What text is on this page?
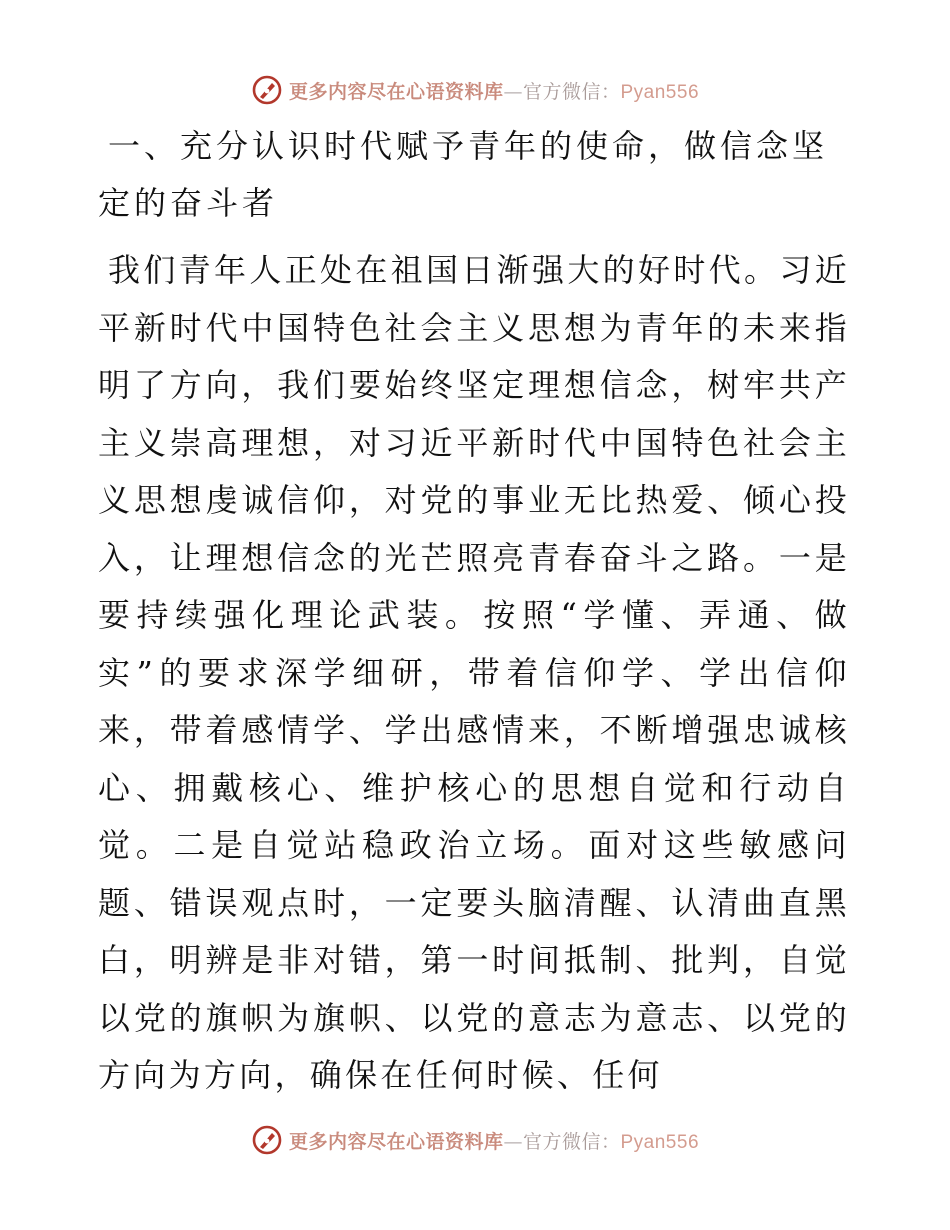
更多内容尽在心语资料库—官方微信：Pyan556
一、充分认识时代赋予青年的使命，做信念坚定的奋斗者

我们青年人正处在祖国日渐强大的好时代。习近平新时代中国特色社会主义思想为青年的未来指明了方向，我们要始终坚定理想信念，树牢共产主义崇高理想，对习近平新时代中国特色社会主义思想虔诚信仰，对党的事业无比热爱、倾心投入，让理想信念的光芒照亮青春奋斗之路。一是要持续强化理论武装。按照“学懂、弄通、做实”的要求深学细研，带着信仰学、学出信仰来，带着感情学、学出感情来，不断增强忠诚核心、拥戴核心、维护核心的思想自觉和行动自觉。二是自觉站稳政治立场。面对这些敏感问题、错误观点时，一定要头脑清醒、认清曲直黑白，明辨是非对错，第一时间抵制、批判，自觉以党的旗帜为旗帜、以党的意志为意志、以党的方向为方向，确保在任何时候、任何

更多内容尽在心语资料库—官方微信：Pyan556
